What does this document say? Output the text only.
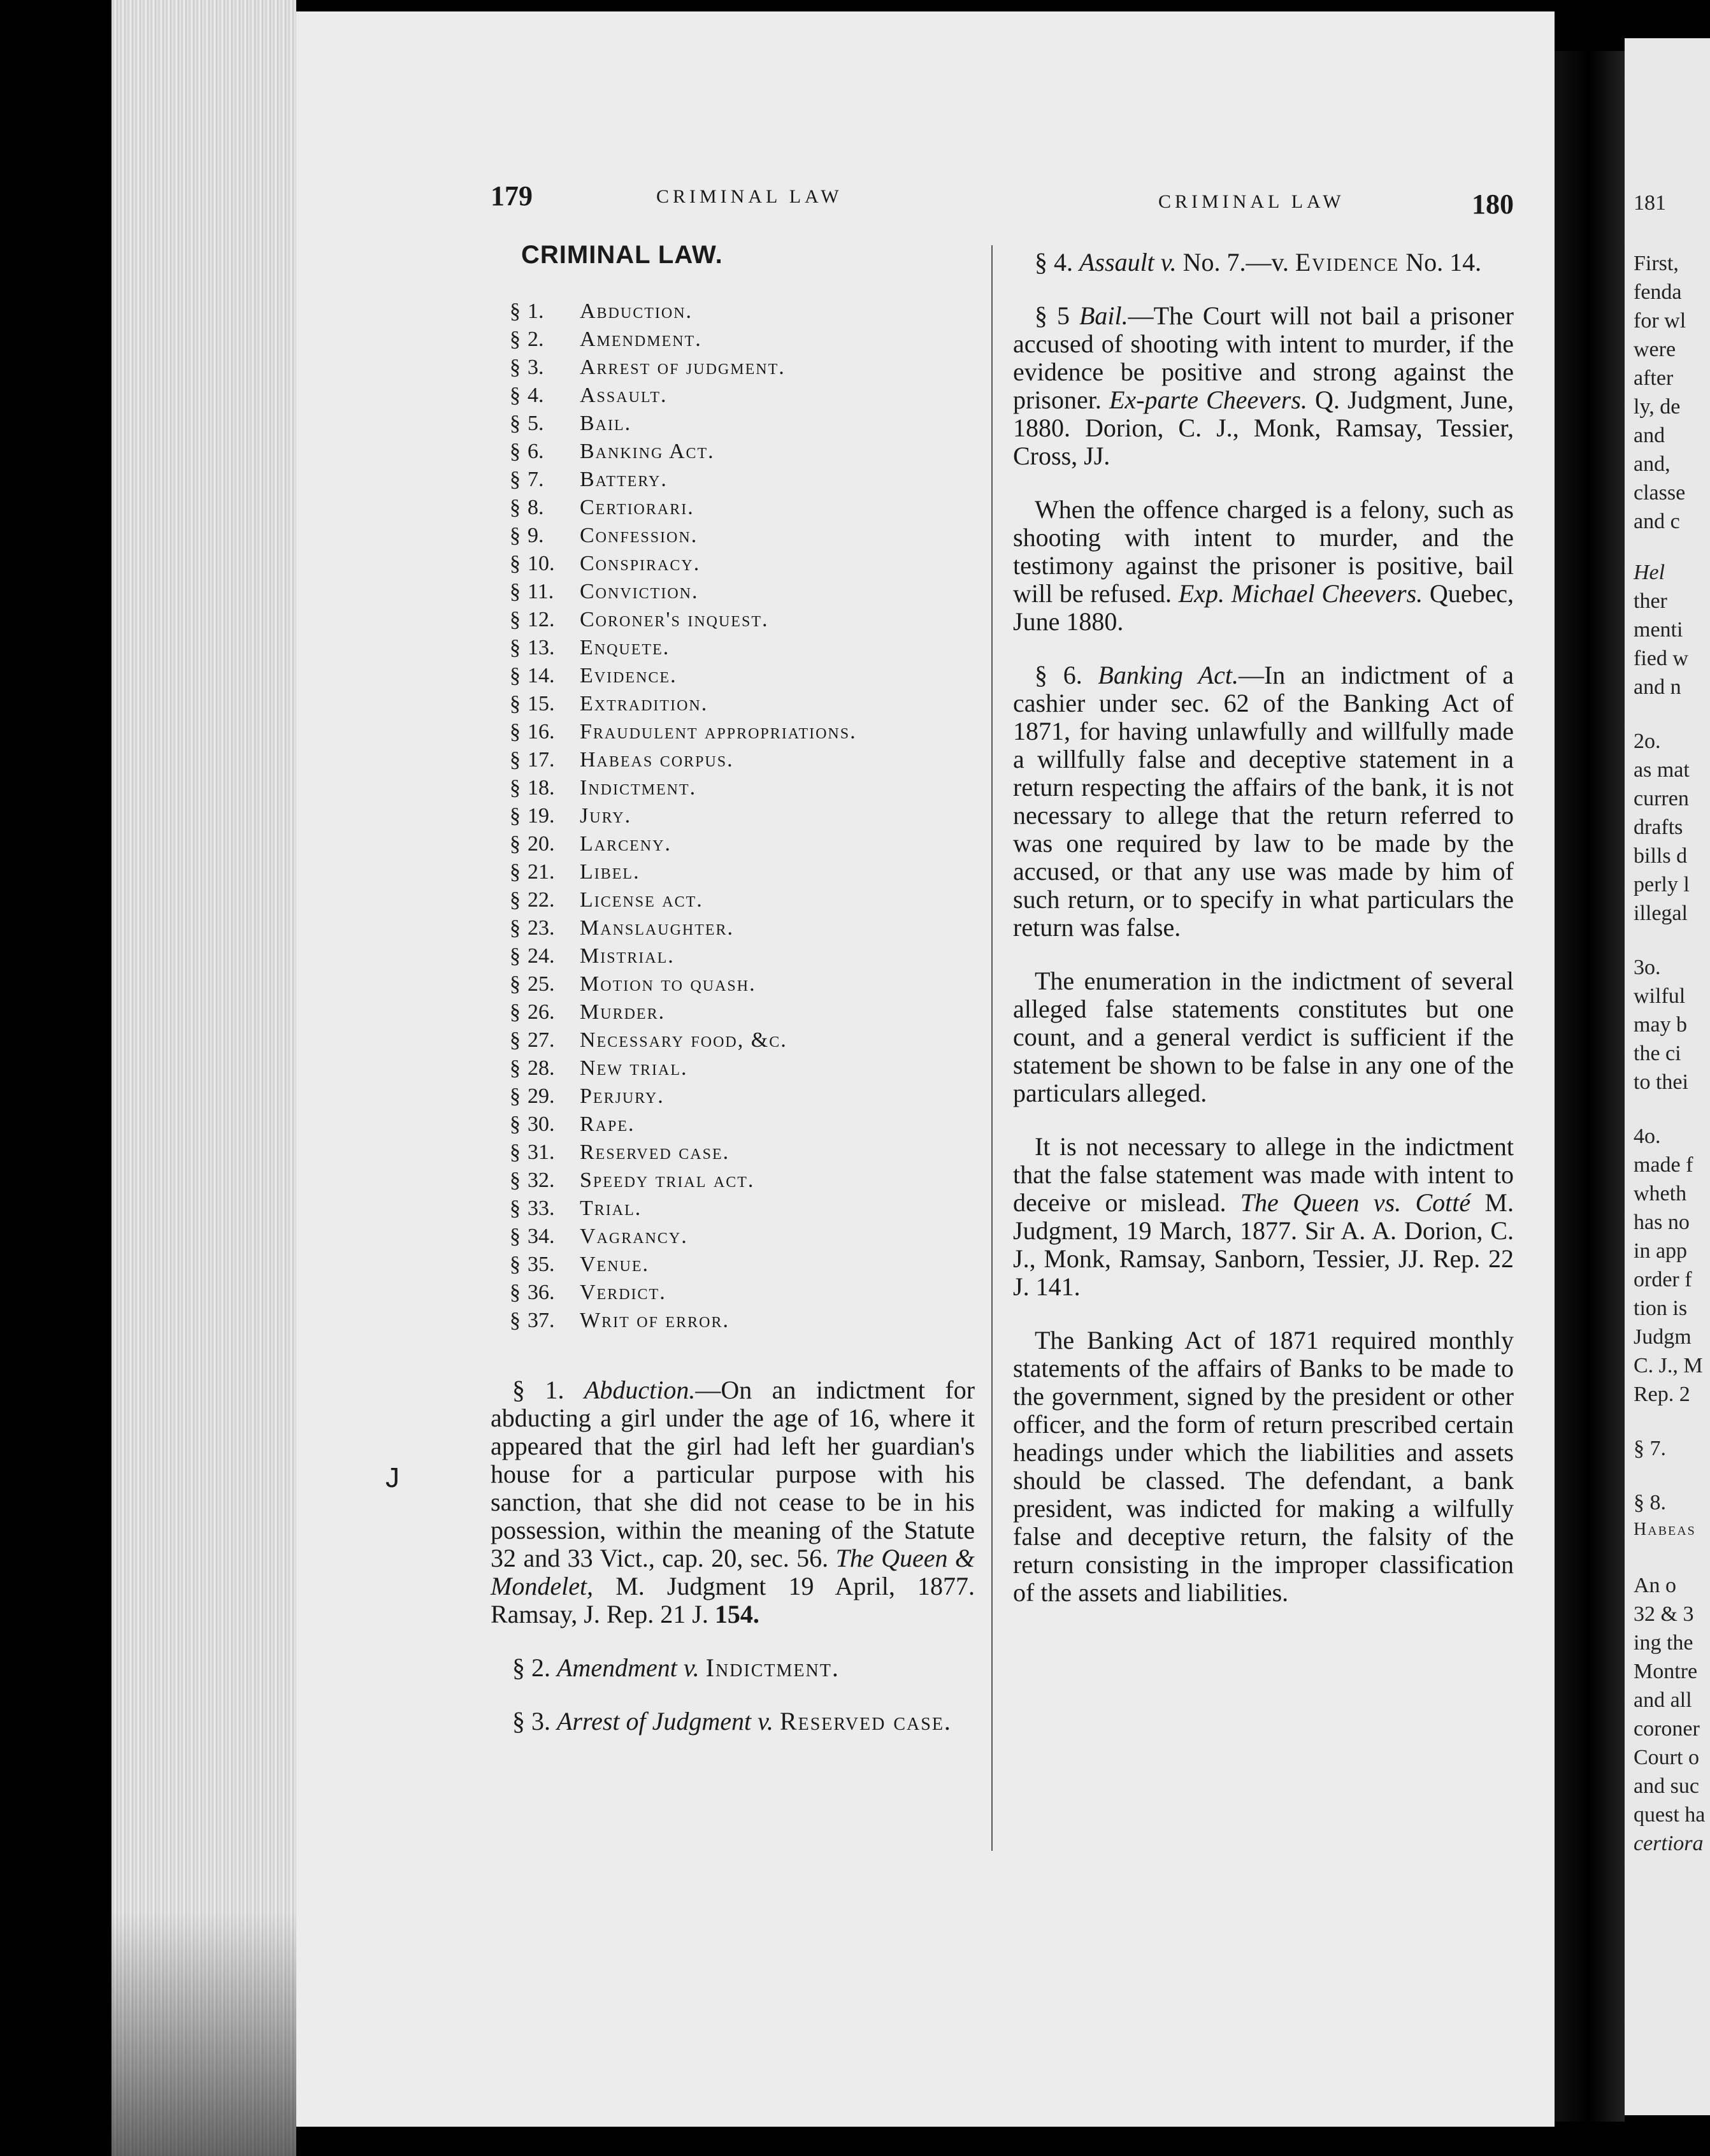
181
First,
fenda
for wl
were
after
ly, de
and
and,
classe
and c
Hel
ther
menti
fied w
and n
2o.
as mat
curren
drafts
bills d
perly l
illegal
3o.
wilful
may b
the ci
to thei
4o.
made f
wheth
has no
in app
order f
tion is
Judgm
C. J., M
Rep. 2
§ 7.
§ 8.
Habeas
An o
32 & 3
ing the
Montre
and all
coroner
Court o
and suc
quest ha
certiora
179	CRIMINAL LAW	CRIMINAL LAW	180
CRIMINAL LAW.
§ 1. Abduction.
§ 2. Amendment.
§ 3. Arrest of judgment.
§ 4. Assault.
§ 5. Bail.
§ 6. Banking Act.
§ 7. Battery.
§ 8. Certiorari.
§ 9. Confession.
§ 10. Conspiracy.
§ 11. Conviction.
§ 12. Coroner's inquest.
§ 13. Enquete.
§ 14. Evidence.
§ 15. Extradition.
§ 16. Fraudulent appropriations.
§ 17. Habeas corpus.
§ 18. Indictment.
§ 19. Jury.
§ 20. Larceny.
§ 21. Libel.
§ 22. License act.
§ 23. Manslaughter.
§ 24. Mistrial.
§ 25. Motion to quash.
§ 26. Murder.
§ 27. Necessary food, &c.
§ 28. New trial.
§ 29. Perjury.
§ 30. Rape.
§ 31. Reserved case.
§ 32. Speedy trial act.
§ 33. Trial.
§ 34. Vagrancy.
§ 35. Venue.
§ 36. Verdict.
§ 37. Writ of error.
J

§ 1. Abduction.—On an indictment for abducting a girl under the age of 16, where it appeared that the girl had left her guardian's house for a particular purpose with his sanction, that she did not cease to be in his possession, within the meaning of the Statute 32 and 33 Vict., cap. 20, sec. 56. The Queen & Mondelet, M. Judgment 19 April, 1877. Ramsay, J. Rep. 21 J. 154.

§ 2. Amendment v. Indictment.

§ 3. Arrest of Judgment v. Reserved case.

§ 4. Assault v. No. 7.—v. Evidence No. 14.

§ 5 Bail.—The Court will not bail a prisoner accused of shooting with intent to murder, if the evidence be positive and strong against the prisoner. Ex-parte Cheevers. Q. Judgment, June, 1880. Dorion, C. J., Monk, Ramsay, Tessier, Cross, JJ.

When the offence charged is a felony, such as shooting with intent to murder, and the testimony against the prisoner is positive, bail will be refused. Exp. Michael Cheevers. Quebec, June 1880.

§ 6. Banking Act.—In an indictment of a cashier under sec. 62 of the Banking Act of 1871, for having unlawfully and willfully made a willfully false and deceptive statement in a return respecting the affairs of the bank, it is not necessary to allege that the return referred to was one required by law to be made by the accused, or that any use was made by him of such return, or to specify in what particulars the return was false.

The enumeration in the indictment of several alleged false statements constitutes but one count, and a general verdict is sufficient if the statement be shown to be false in any one of the particulars alleged.

It is not necessary to allege in the indictment that the false statement was made with intent to deceive or mislead. The Queen vs. Cotté M. Judgment, 19 March, 1877. Sir A. A. Dorion, C. J., Monk, Ramsay, Sanborn, Tessier, JJ. Rep. 22 J. 141.

The Banking Act of 1871 required monthly statements of the affairs of Banks to be made to the government, signed by the president or other officer, and the form of return prescribed certain headings under which the liabilities and assets should be classed. The defendant, a bank president, was indicted for making a wilfully false and deceptive return, the falsity of the return consisting in the improper classification of the assets and liabilities.
